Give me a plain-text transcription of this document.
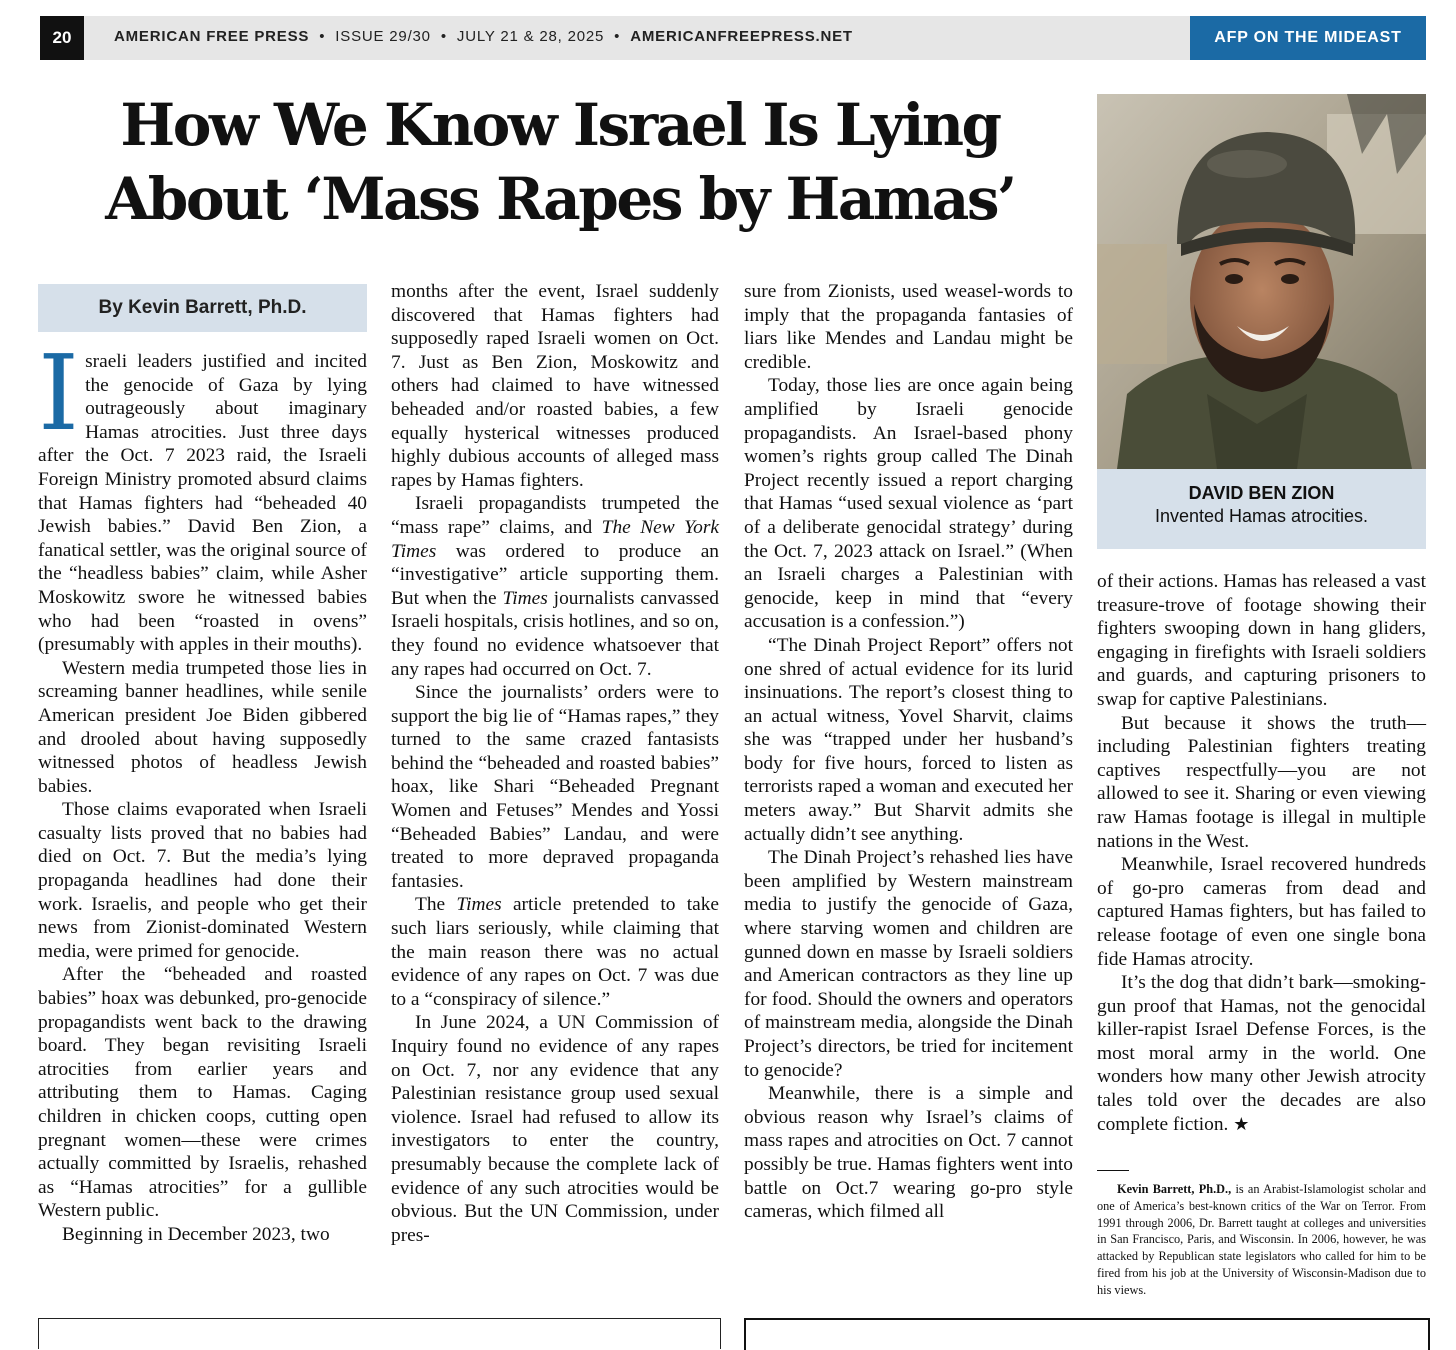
20	AMERICAN FREE PRESS • ISSUE 29/30 • JULY 21 & 28, 2025 • AMERICANFREEPRESS.NET	AFP ON THE MIDEAST
How We Know Israel Is Lying
About ‘Mass Rapes by Hamas’
By Kevin Barrett, Ph.D.

Israeli leaders justified and incited the genocide of Gaza by lying outrageously about imaginary Hamas atrocities. Just three days after the Oct. 7 2023 raid, the Israeli Foreign Ministry promoted absurd claims that Hamas fighters had “beheaded 40 Jewish babies.” David Ben Zion, a fanatical settler, was the original source of the “headless babies” claim, while Asher Moskowitz swore he witnessed babies who had been “roasted in ovens” (presumably with apples in their mouths).

Western media trumpeted those lies in screaming banner headlines, while senile American president Joe Biden gibbered and drooled about having supposedly witnessed photos of headless Jewish babies.

Those claims evaporated when Israeli casualty lists proved that no babies had died on Oct. 7. But the media’s lying propaganda headlines had done their work. Israelis, and people who get their news from Zionist-dominated Western media, were primed for genocide.

After the “beheaded and roasted babies” hoax was debunked, pro-genocide propagandists went back to the drawing board. They began revisiting Israeli atrocities from earlier years and attributing them to Hamas. Caging children in chicken coops, cutting open pregnant women—these were crimes actually committed by Israelis, rehashed as “Hamas atrocities” for a gullible Western public.

Beginning in December 2023, two

months after the event, Israel suddenly discovered that Hamas fighters had supposedly raped Israeli women on Oct. 7. Just as Ben Zion, Moskowitz and others had claimed to have witnessed beheaded and/or roasted babies, a few equally hysterical witnesses produced highly dubious accounts of alleged mass rapes by Hamas fighters.

Israeli propagandists trumpeted the “mass rape” claims, and The New York Times was ordered to produce an “investigative” article supporting them. But when the Times journalists canvassed Israeli hospitals, crisis hotlines, and so on, they found no evidence whatsoever that any rapes had occurred on Oct. 7.

Since the journalists’ orders were to support the big lie of “Hamas rapes,” they turned to the same crazed fantasists behind the “beheaded and roasted babies” hoax, like Shari “Beheaded Pregnant Women and Fetuses” Mendes and Yossi “Beheaded Babies” Landau, and were treated to more depraved propaganda fantasies.

The Times article pretended to take such liars seriously, while claiming that the main reason there was no actual evidence of any rapes on Oct. 7 was due to a “conspiracy of silence.”

In June 2024, a UN Commission of Inquiry found no evidence of any rapes on Oct. 7, nor any evidence that any Palestinian resistance group used sexual violence. Israel had refused to allow its investigators to enter the country, presumably because the complete lack of evidence of any such atrocities would be obvious. But the UN Commission, under pres-

sure from Zionists, used weasel-words to imply that the propaganda fantasies of liars like Mendes and Landau might be credible.

Today, those lies are once again being amplified by Israeli genocide propagandists. An Israel-based phony women’s rights group called The Dinah Project recently issued a report charging that Hamas “used sexual violence as ‘part of a deliberate genocidal strategy’ during the Oct. 7, 2023 attack on Israel.” (When an Israeli charges a Palestinian with genocide, keep in mind that “every accusation is a confession.”)

“The Dinah Project Report” offers not one shred of actual evidence for its lurid insinuations. The report’s closest thing to an actual witness, Yovel Sharvit, claims she was “trapped under her husband’s body for five hours, forced to listen as terrorists raped a woman and executed her meters away.” But Sharvit admits she actually didn’t see anything.

The Dinah Project’s rehashed lies have been amplified by Western mainstream media to justify the genocide of Gaza, where starving women and children are gunned down en masse by Israeli soldiers and American contractors as they line up for food. Should the owners and operators of mainstream media, alongside the Dinah Project’s directors, be tried for incitement to genocide?

Meanwhile, there is a simple and obvious reason why Israel’s claims of mass rapes and atrocities on Oct. 7 cannot possibly be true. Hamas fighters went into battle on Oct.7 wearing go-pro style cameras, which filmed all

DAVID BEN ZION
Invented Hamas atrocities.

of their actions. Hamas has released a vast treasure-trove of footage showing their fighters swooping down in hang gliders, engaging in firefights with Israeli soldiers and guards, and capturing prisoners to swap for captive Palestinians.

But because it shows the truth—including Palestinian fighters treating captives respectfully—you are not allowed to see it. Sharing or even viewing raw Hamas footage is illegal in multiple nations in the West.

Meanwhile, Israel recovered hundreds of go-pro cameras from dead and captured Hamas fighters, but has failed to release footage of even one single bona fide Hamas atrocity.

It’s the dog that didn’t bark—smoking-gun proof that Hamas, not the genocidal killer-rapist Israel Defense Forces, is the most moral army in the world. One wonders how many other Jewish atrocity tales told over the decades are also complete fiction. ★

Kevin Barrett, Ph.D., is an Arabist-Islamologist scholar and one of America’s best-known critics of the War on Terror. From 1991 through 2006, Dr. Barrett taught at colleges and universities in San Francisco, Paris, and Wisconsin. In 2006, however, he was attacked by Republican state legislators who called for him to be fired from his job at the University of Wisconsin-Madison due to his views.
